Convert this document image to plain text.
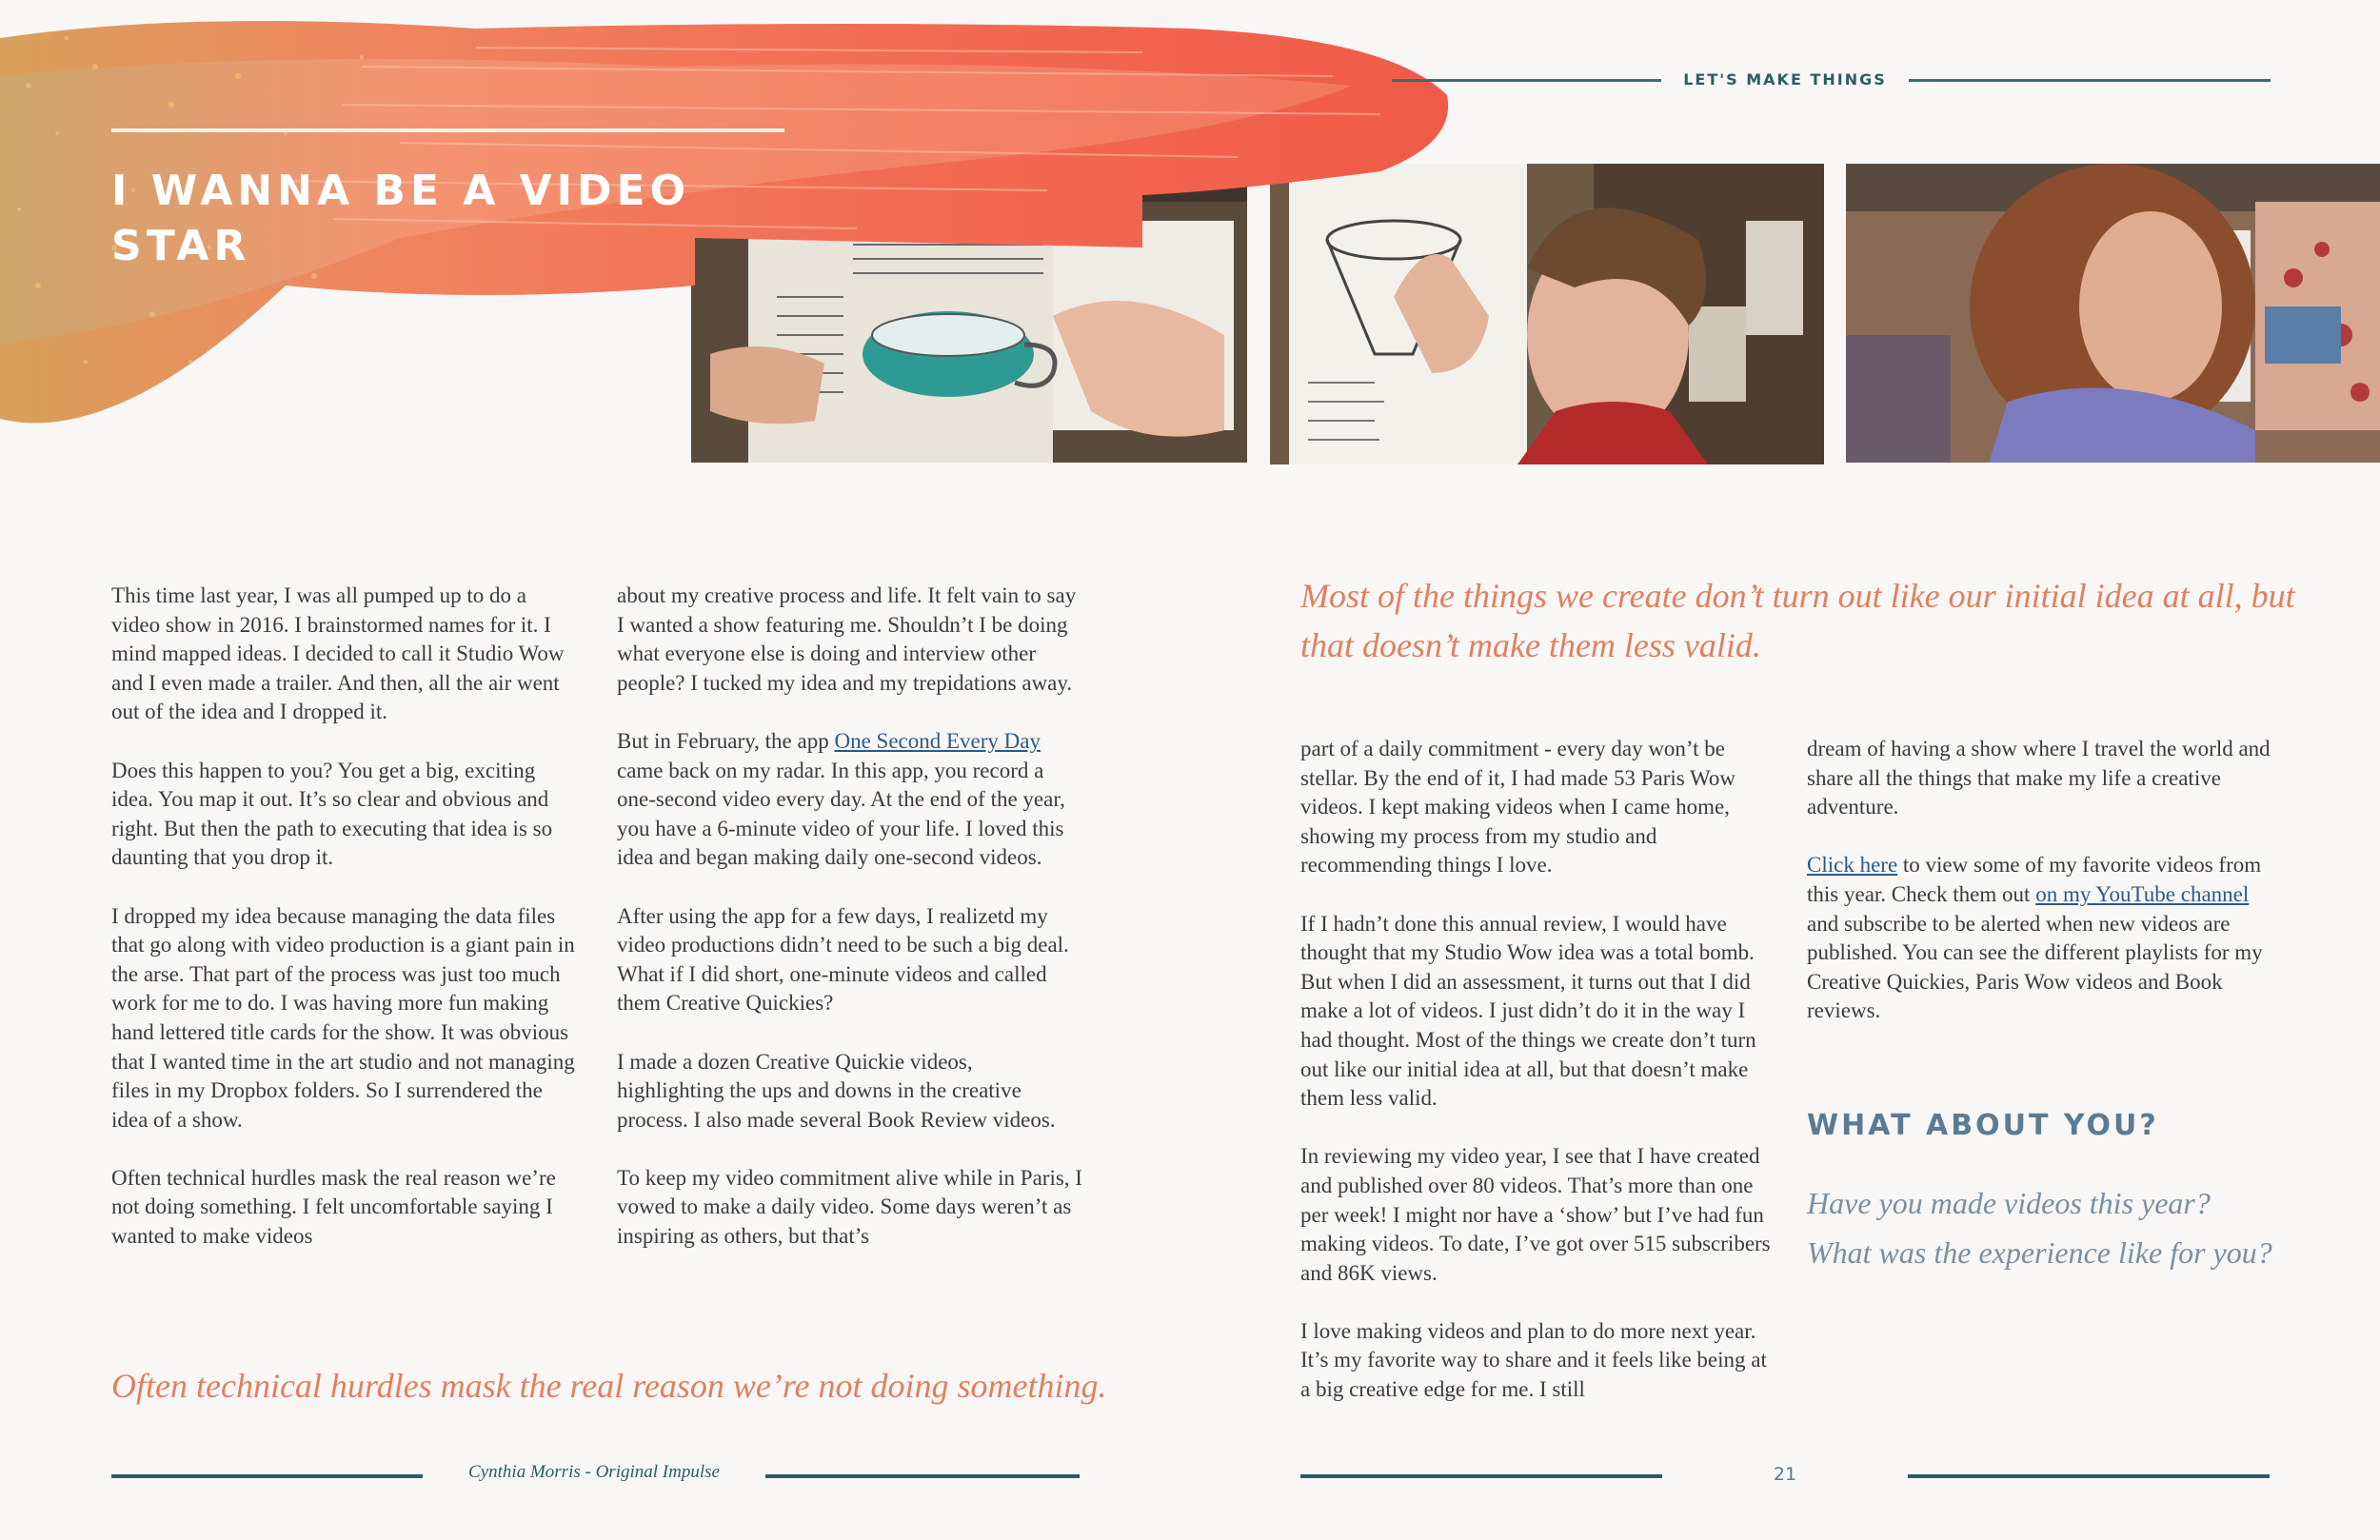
I WANNA BE A VIDEO
STAR
LET'S MAKE THINGS

This time last year, I was all pumped up to do a video show in 2016. I brainstormed names for it. I mind mapped ideas. I decided to call it Studio Wow and I even made a trailer. And then, all the air went out of the idea and I dropped it.

Does this happen to you? You get a big, exciting idea. You map it out. It’s so clear and obvious and right. But then the path to executing that idea is so daunting that you drop it.

I dropped my idea because managing the data files that go along with video production is a giant pain in the arse. That part of the process was just too much work for me to do. I was having more fun making hand lettered title cards for the show. It was obvious that I wanted time in the art studio and not managing files in my Dropbox folders. So I surrendered the idea of a show.

Often technical hurdles mask the real reason we’re not doing something. I felt uncomfortable saying I wanted to make videos

about my creative process and life. It felt vain to say I wanted a show featuring me. Shouldn’t I be doing what everyone else is doing and interview other people? I tucked my idea and my trepidations away.

But in February, the app One Second Every Day came back on my radar. In this app, you record a one-second video every day. At the end of the year, you have a 6-minute video of your life. I loved this idea and began making daily one-second videos.

After using the app for a few days, I realizetd my video productions didn’t need to be such a big deal. What if I did short, one-minute videos and called them Creative Quickies?

I made a dozen Creative Quickie videos, highlighting the ups and downs in the creative process. I also made several Book Review videos.

To keep my video commitment alive while in Paris, I vowed to make a daily video. Some days weren’t as inspiring as others, but that’s

Most of the things we create don’t turn out like our initial idea at all, but that doesn’t make them less valid.

Often technical hurdles mask the real reason we’re not doing something.

part of a daily commitment - every day won’t be stellar. By the end of it, I had made 53 Paris Wow videos. I kept making videos when I came home, showing my process from my studio and recommending things I love.

If I hadn’t done this annual review, I would have thought that my Studio Wow idea was a total bomb. But when I did an assessment, it turns out that I did make a lot of videos. I just didn’t do it in the way I had thought. Most of the things we create don’t turn out like our initial idea at all, but that doesn’t make them less valid.

In reviewing my video year, I see that I have created and published over 80 videos. That’s more than one per week! I might nor have a ‘show’ but I’ve had fun making videos. To date, I’ve got over 515 subscribers and 86K views.

I love making videos and plan to do more next year. It’s my favorite way to share and it feels like being at a big creative edge for me. I still

dream of having a show where I travel the world and share all the things that make my life a creative adventure.

Click here to view some of my favorite videos from this year. Check them out on my YouTube channel and subscribe to be alerted when new videos are published. You can see the different playlists for my Creative Quickies, Paris Wow videos and Book reviews.

WHAT ABOUT YOU?
Have you made videos this year?
What was the experience like for you?
Cynthia Morris - Original Impulse	21
